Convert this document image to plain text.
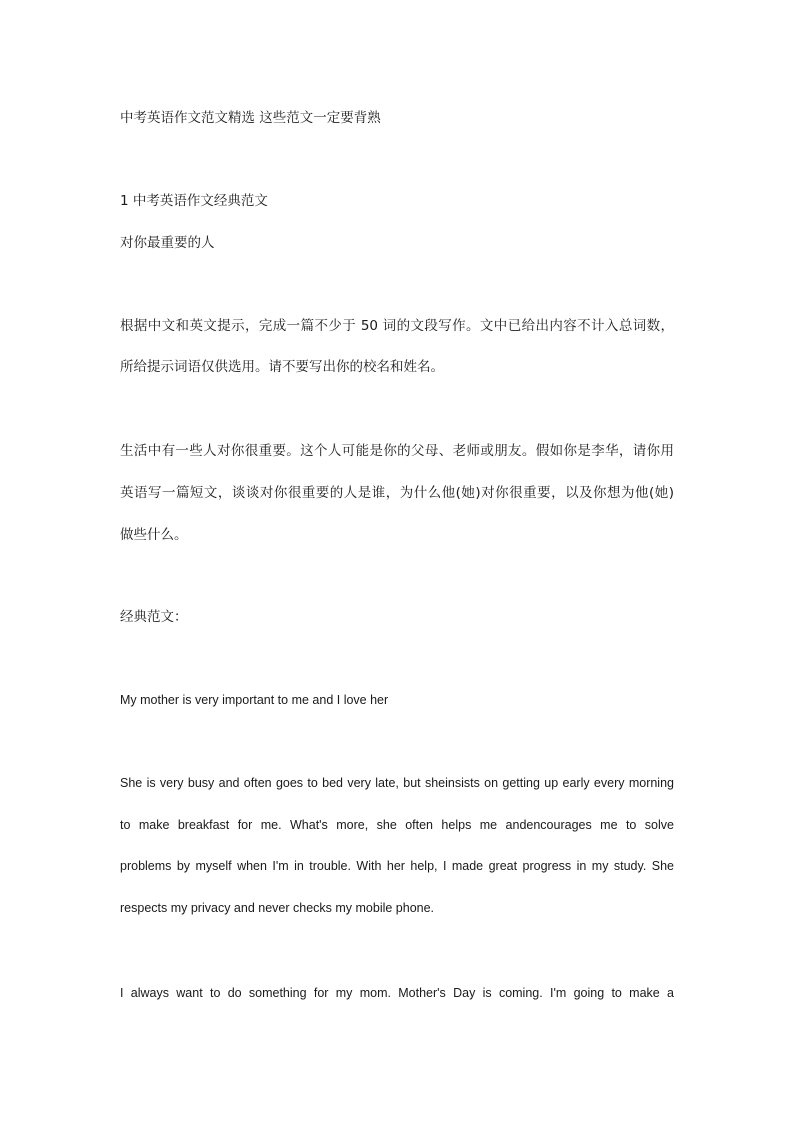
中考英语作文范文精选 这些范文一定要背熟
1 中考英语作文经典范文
对你最重要的人
根据中文和英文提示，完成一篇不少于 50 词的文段写作。文中已给出内容不计入总词数，
所给提示词语仅供选用。请不要写出你的校名和姓名。
生活中有一些人对你很重要。这个人可能是你的父母、老师或朋友。假如你是李华，请你用
英语写一篇短文，谈谈对你很重要的人是谁，为什么他(她)对你很重要，以及你想为他(她)
做些什么。
经典范文：
My mother is very important to me and I love her
She is very busy and often goes to bed very late, but sheinsists on getting up early every morning
to make breakfast for me. What's more, she often helps me andencourages me to solve
problems by myself when I'm in trouble. With her help, I made great progress in my study. She
respects my privacy and never checks my mobile phone.
I always want to do something for my mom. Mother's Day is coming. I'm going to make a
